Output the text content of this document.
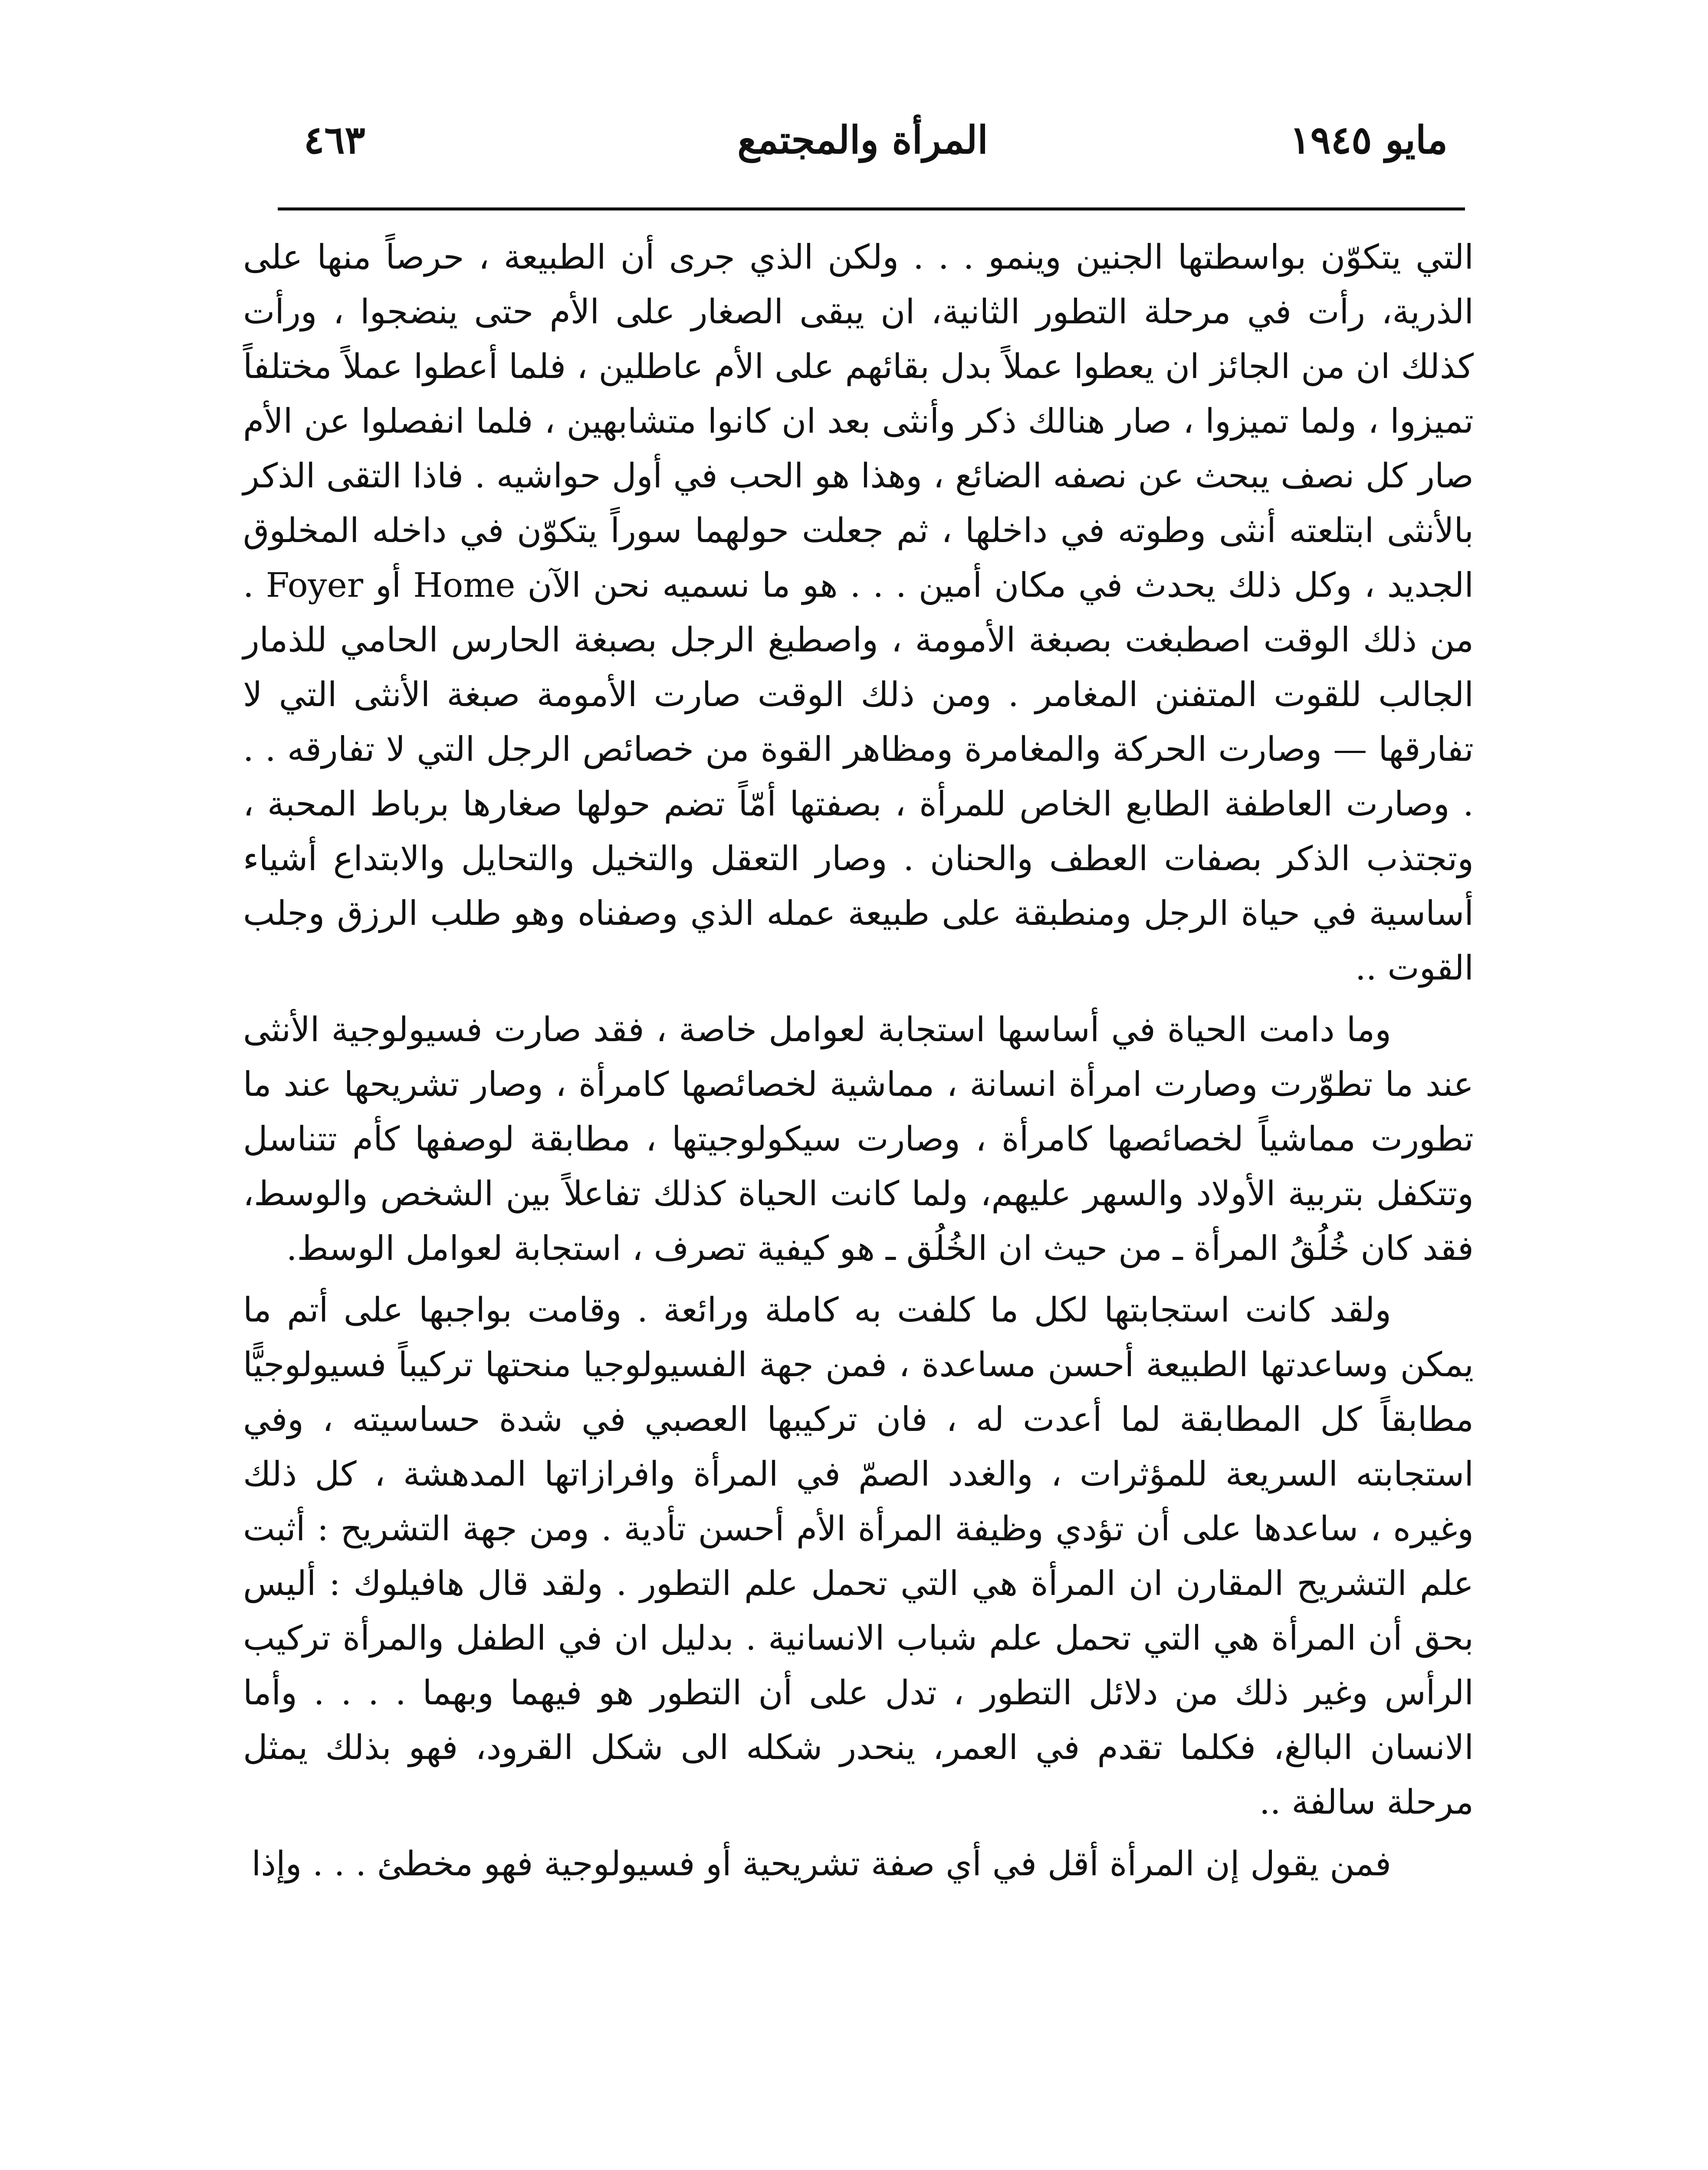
مايو ١٩٤٥
المرأة والمجتمع
٤٦٣

التي يتكوّن بواسطتها الجنين وينمو . . . ولكن الذي جرى أن الطبيعة ، حرصاً منها على الذرية، رأت في مرحلة التطور الثانية، ان يبقى الصغار على الأم حتى ينضجوا ، ورأت كذلك ان من الجائز ان يعطوا عملاً بدل بقائهم على الأم عاطلين ، فلما أعطوا عملاً مختلفاً تميزوا ، ولما تميزوا ، صار هنالك ذكر وأنثى بعد ان كانوا متشابهين ، فلما انفصلوا عن الأم صار كل نصف يبحث عن نصفه الضائع ، وهذا هو الحب في أول حواشيه . فاذا التقى الذكر بالأنثى ابتلعته أنثى وطوته في داخلها ، ثم جعلت حولهما سوراً يتكوّن في داخله المخلوق الجديد ، وكل ذلك يحدث في مكان أمين . . . هو ما نسميه نحن الآن Home أو Foyer . من ذلك الوقت اصطبغت بصبغة الأمومة ، واصطبغ الرجل بصبغة الحارس الحامي للذمار الجالب للقوت المتفنن المغامر . ومن ذلك الوقت صارت الأمومة صبغة الأنثى التي لا تفارقها — وصارت الحركة والمغامرة ومظاهر القوة من خصائص الرجل التي لا تفارقه . . . وصارت العاطفة الطابع الخاص للمرأة ، بصفتها أمّاً تضم حولها صغارها برباط المحبة ، وتجتذب الذكر بصفات العطف والحنان . وصار التعقل والتخيل والتحايل والابتداع أشياء أساسية في حياة الرجل ومنطبقة على طبيعة عمله الذي وصفناه وهو طلب الرزق وجلب القوت ..

وما دامت الحياة في أساسها استجابة لعوامل خاصة ، فقد صارت فسيولوجية الأنثى عند ما تطوّرت وصارت امرأة انسانة ، مماشية لخصائصها كامرأة ، وصار تشريحها عند ما تطورت مماشياً لخصائصها كامرأة ، وصارت سيكولوجيتها ، مطابقة لوصفها كأم تتناسل وتتكفل بتربية الأولاد والسهر عليهم، ولما كانت الحياة كذلك تفاعلاً بين الشخص والوسط، فقد كان خُلُقُ المرأة ـ من حيث ان الخُلُق ـ هو كيفية تصرف ، استجابة لعوامل الوسط.

ولقد كانت استجابتها لكل ما كلفت به كاملة ورائعة . وقامت بواجبها على أتم ما يمكن وساعدتها الطبيعة أحسن مساعدة ، فمن جهة الفسيولوجيا منحتها تركيباً فسيولوجيًّا مطابقاً كل المطابقة لما أعدت له ، فان تركيبها العصبي في شدة حساسيته ، وفي استجابته السريعة للمؤثرات ، والغدد الصمّ في المرأة وافرازاتها المدهشة ، كل ذلك وغيره ، ساعدها على أن تؤدي وظيفة المرأة الأم أحسن تأدية . ومن جهة التشريح : أثبت علم التشريح المقارن ان المرأة هي التي تحمل علم التطور . ولقد قال هافيلوك : أليس بحق أن المرأة هي التي تحمل علم شباب الانسانية . بدليل ان في الطفل والمرأة تركيب الرأس وغير ذلك من دلائل التطور ، تدل على أن التطور هو فيهما وبهما . . . . وأما الانسان البالغ، فكلما تقدم في العمر، ينحدر شكله الى شكل القرود، فهو بذلك يمثل مرحلة سالفة ..

فمن يقول إن المرأة أقل في أي صفة تشريحية أو فسيولوجية فهو مخطئ . . . وإذا
